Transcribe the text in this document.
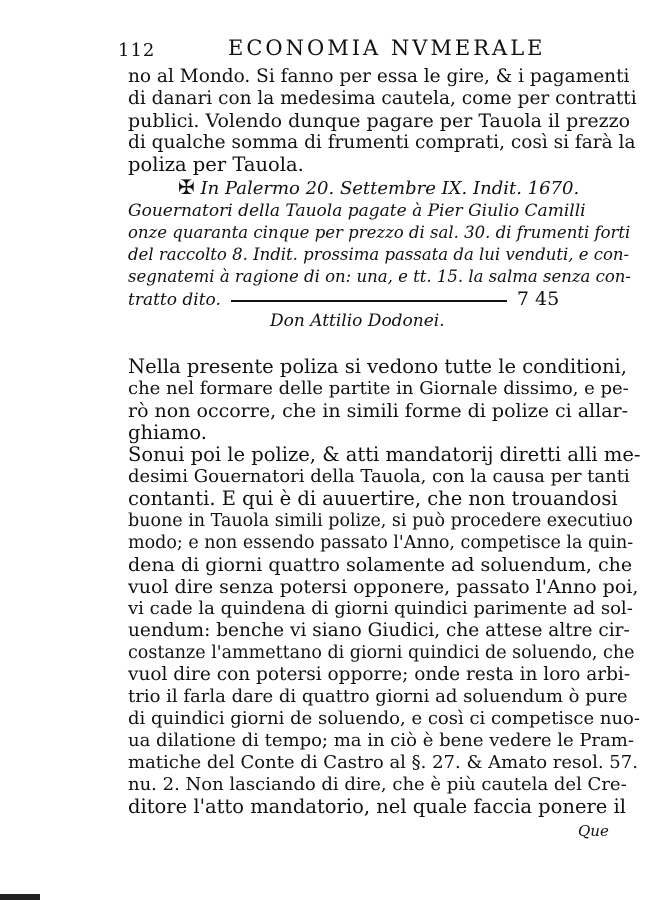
112	ECONOMIA NVMERALE
no al Mondo. Si fanno per essa le gire, & i pagamenti
di danari con la medesima cautela, come per contratti
publici. Volendo dunque pagare per Tauola il prezzo
di qualche somma di frumenti comprati, così si farà la
poliza per Tauola.
✠ In Palermo 20. Settembre IX. Indit. 1670.
Gouernatori della Tauola pagate à Pier Giulio Camilli
onze quaranta cinque per prezzo di sal. 30. di frumenti forti
del raccolto 8. Indit. prossima passata da lui venduti, e con-
segnatemi à ragione di on: una, e tt. 15. la salma senza con-
tratto dito.	7 45
Don Attilio Dodonei.
Nella presente poliza si vedono tutte le conditioni,
che nel formare delle partite in Giornale dissimo, e pe-
rò non occorre, che in simili forme di polize ci allar-
ghiamo.
Sonui poi le polize, & atti mandatorij diretti alli me-
desimi Gouernatori della Tauola, con la causa per tanti
contanti. E qui è di auuertire, che non trouandosi
buone in Tauola simili polize, si può procedere executiuo
modo; e non essendo passato l'Anno, competisce la quin-
dena di giorni quattro solamente ad soluendum, che
vuol dire senza potersi opponere, passato l'Anno poi,
vi cade la quindena di giorni quindici parimente ad sol-
uendum: benche vi siano Giudici, che attese altre cir-
costanze l'ammettano di giorni quindici de soluendo, che
vuol dire con potersi opporre; onde resta in loro arbi-
trio il farla dare di quattro giorni ad soluendum ò pure
di quindici giorni de soluendo, e così ci competisce nuo-
ua dilatione di tempo; ma in ciò è bene vedere le Pram-
matiche del Conte di Castro al §. 27. & Amato resol. 57.
nu. 2. Non lasciando di dire, che è più cautela del Cre-
ditore l'atto mandatorio, nel quale faccia ponere il
Que
